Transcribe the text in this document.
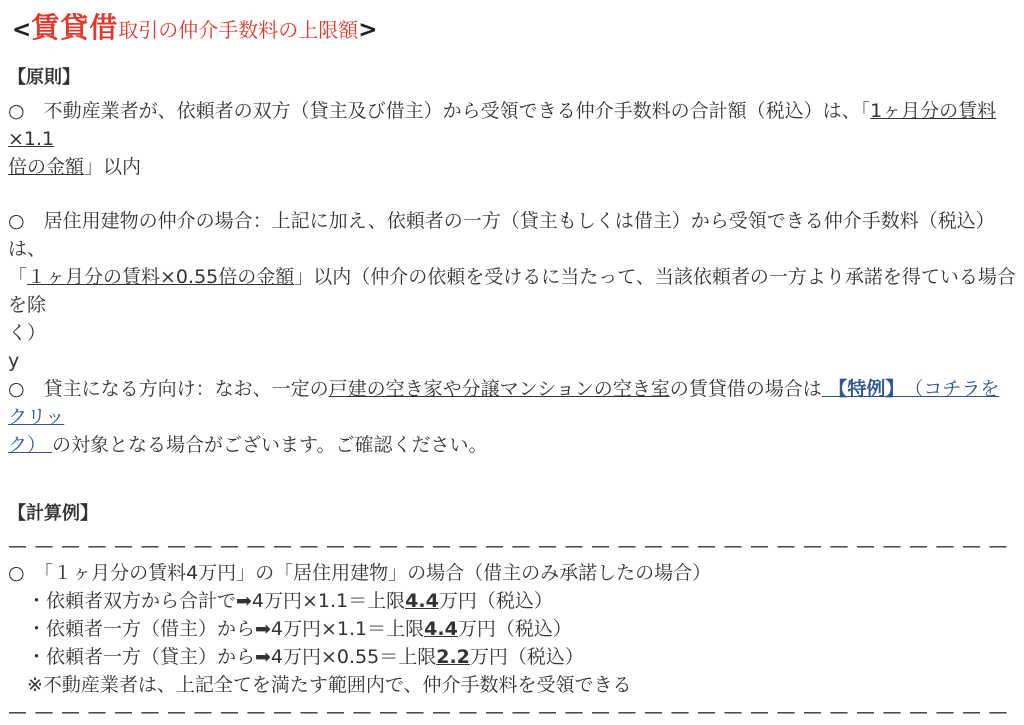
<賃貸借取引の仲介手数料の上限額>
【原則】

○　不動産業者が、依頼者の双方（貸主及び借主）から受領できる仲介手数料の合計額（税込）は、「1ヶ月分の賃料×1.1
倍の金額」以内

○　居住用建物の仲介の場合：上記に加え、依頼者の一方（貸主もしくは借主）から受領できる仲介手数料（税込）は、
「１ヶ月分の賃料×0.55倍の金額」以内（仲介の依頼を受けるに当たって、当該依頼者の一方より承諾を得ている場合を除
く）

y

○　貸主になる方向け：なお、一定の戸建の空き家や分譲マンションの空き室の賃貸借の場合は 【特例】　（コチラをクリッ
ク） の対象となる場合がございます。ご確認ください。

【計算例】
——————————————————————————————————————

○　「１ヶ月分の賃料4万円」の「居住用建物」の場合（借主のみ承諾したの場合）

　・依頼者双方から合計で➡4万円×1.1＝上限4.4万円（税込）

　・依頼者一方（借主）から➡4万円×1.1＝上限4.4万円（税込）

　・依頼者一方（貸主）から➡4万円×0.55＝上限2.2万円（税込）

　※不動産業者は、上記全てを満たす範囲内で、仲介手数料を受領できる

——————————————————————————————————————
